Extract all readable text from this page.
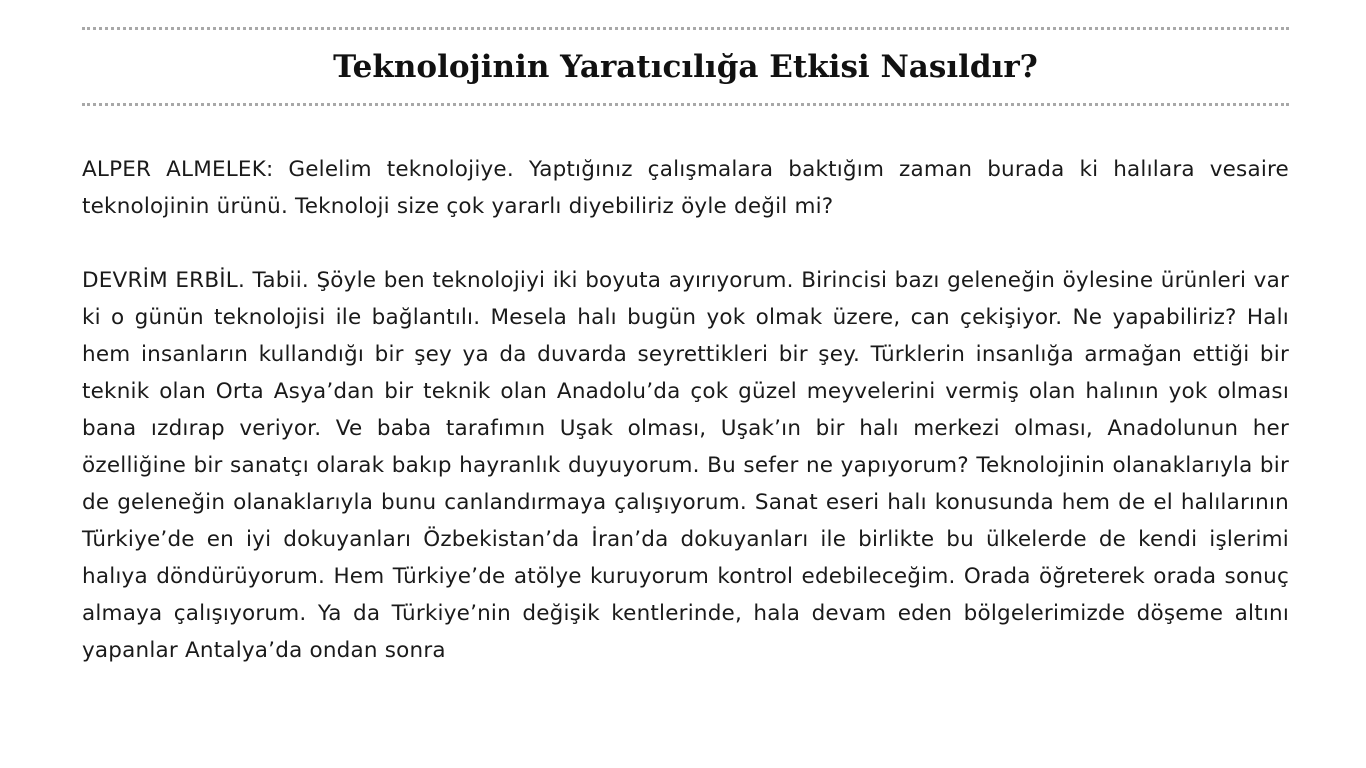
Teknolojinin Yaratıcılığa Etkisi Nasıldır?

ALPER ALMELEK: Gelelim teknolojiye. Yaptığınız çalışmalara baktığım zaman burada ki halılara vesaire teknolojinin ürünü. Teknoloji size çok yararlı diyebiliriz öyle değil mi?

DEVRİM ERBİL. Tabii. Şöyle ben teknolojiyi iki boyuta ayırıyorum. Birincisi bazı geleneğin öylesine ürünleri var ki o günün teknolojisi ile bağlantılı. Mesela halı bugün yok olmak üzere, can çekişiyor. Ne yapabiliriz? Halı hem insanların kullandığı bir şey ya da duvarda seyrettikleri bir şey. Türklerin insanlığa armağan ettiği bir teknik olan Orta Asya’dan bir teknik olan Anadolu’da çok güzel meyvelerini vermiş olan halının yok olması bana ızdırap veriyor. Ve baba tarafımın Uşak olması, Uşak’ın bir halı merkezi olması, Anadolunun her özelliğine bir sanatçı olarak bakıp hayranlık duyuyorum. Bu sefer ne yapıyorum? Teknolojinin olanaklarıyla bir de geleneğin olanaklarıyla bunu canlandırmaya çalışıyorum. Sanat eseri halı konusunda hem de el halılarının Türkiye’de en iyi dokuyanları Özbekistan’da İran’da dokuyanları ile birlikte bu ülkelerde de kendi işlerimi halıya döndürüyorum. Hem Türkiye’de atölye kuruyorum kontrol edebileceğim. Orada öğreterek orada sonuç almaya çalışıyorum. Ya da Türkiye’nin değişik kentlerinde, hala devam eden bölgelerimizde döşeme altını yapanlar Antalya’da ondan sonra
